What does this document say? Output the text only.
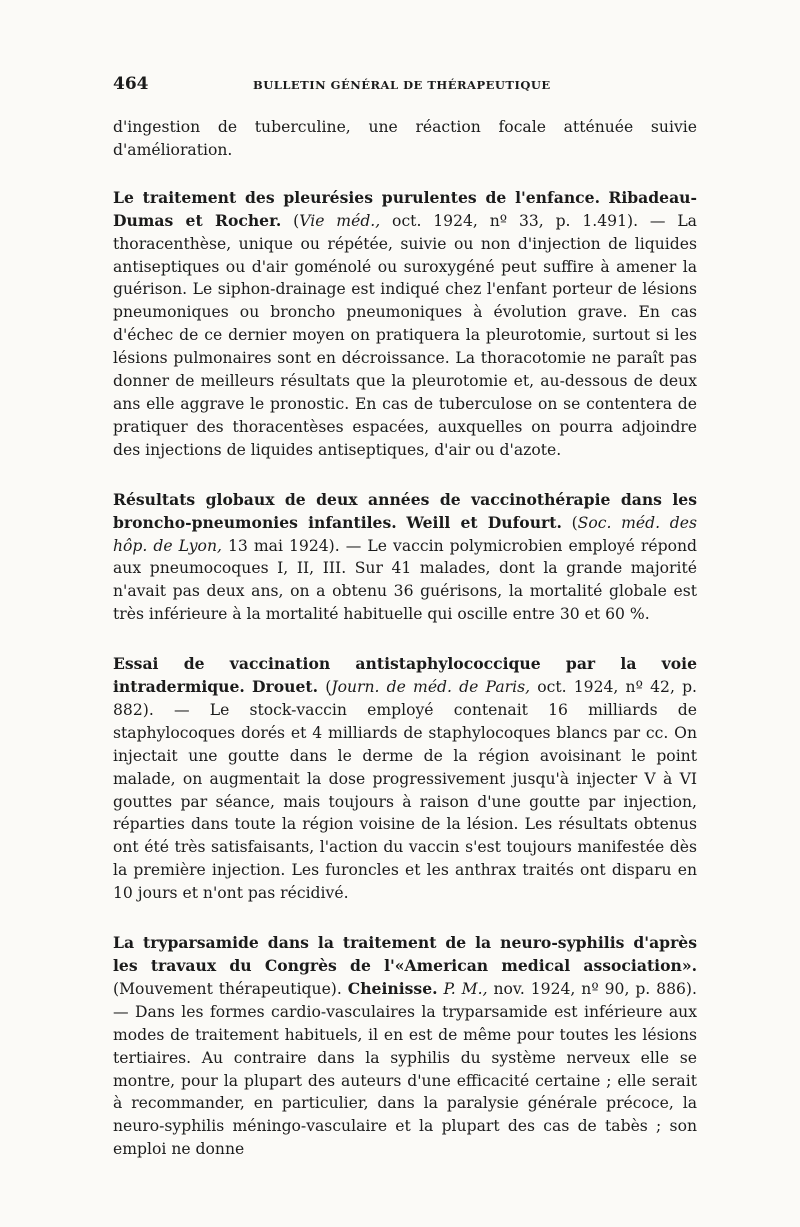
464	BULLETIN GÉNÉRAL DE THÉRAPEUTIQUE

d'ingestion de tuberculine, une réaction focale atténuée suivie d'amélioration.

Le traitement des pleurésies purulentes de l'enfance. Ribadeau-Dumas et Rocher. (Vie méd., oct. 1924, nº 33, p. 1.491). — La thoracenthèse, unique ou répétée, suivie ou non d'injection de liquides antiseptiques ou d'air goménolé ou suroxygéné peut suffire à amener la guérison. Le siphon-drainage est indiqué chez l'enfant porteur de lésions pneumoniques ou broncho pneumoniques à évolution grave. En cas d'échec de ce dernier moyen on pratiquera la pleurotomie, surtout si les lésions pulmonaires sont en décroissance. La thoracotomie ne paraît pas donner de meilleurs résultats que la pleurotomie et, au-dessous de deux ans elle aggrave le pronostic. En cas de tuberculose on se contentera de pratiquer des thoracentèses espacées, auxquelles on pourra adjoindre des injections de liquides antiseptiques, d'air ou d'azote.

Résultats globaux de deux années de vaccinothérapie dans les broncho-pneumonies infantiles. Weill et Dufourt. (Soc. méd. des hôp. de Lyon, 13 mai 1924). — Le vaccin polymicrobien employé répond aux pneumocoques I, II, III. Sur 41 malades, dont la grande majorité n'avait pas deux ans, on a obtenu 36 guérisons, la mortalité globale est très inférieure à la mortalité habituelle qui oscille entre 30 et 60 %.

Essai de vaccination antistaphylococcique par la voie intradermique. Drouet. (Journ. de méd. de Paris, oct. 1924, nº 42, p. 882). — Le stock-vaccin employé contenait 16 milliards de staphylocoques dorés et 4 milliards de staphylocoques blancs par cc. On injectait une goutte dans le derme de la région avoisinant le point malade, on augmentait la dose progressivement jusqu'à injecter V à VI gouttes par séance, mais toujours à raison d'une goutte par injection, réparties dans toute la région voisine de la lésion. Les résultats obtenus ont été très satisfaisants, l'action du vaccin s'est toujours manifestée dès la première injection. Les furoncles et les anthrax traités ont disparu en 10 jours et n'ont pas récidivé.

La tryparsamide dans la traitement de la neuro-syphilis d'après les travaux du Congrès de l'«American medical association». (Mouvement thérapeutique). Cheinisse. P. M., nov. 1924, nº 90, p. 886). — Dans les formes cardio-vasculaires la tryparsamide est inférieure aux modes de traitement habituels, il en est de même pour toutes les lésions tertiaires. Au contraire dans la syphilis du système nerveux elle se montre, pour la plupart des auteurs d'une efficacité certaine ; elle serait à recommander, en particulier, dans la paralysie générale précoce, la neuro-syphilis méningo-vasculaire et la plupart des cas de tabès ; son emploi ne donne
